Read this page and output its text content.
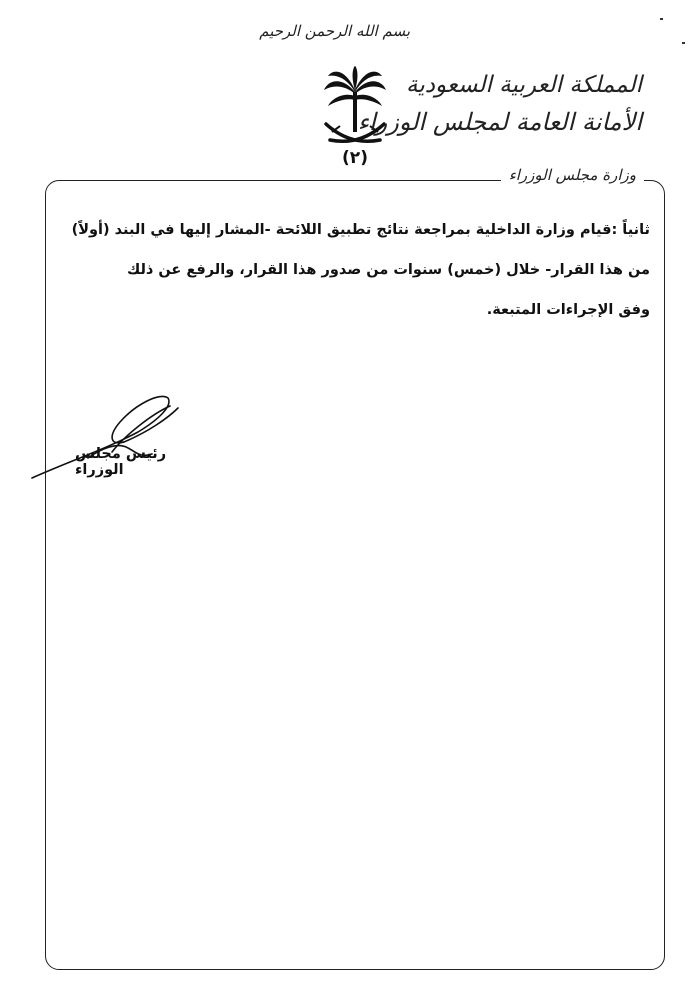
بسم الله الرحمن الرحيم
(٢)
المملكة العربية السعودية
الأمانة العامة لمجلس الوزراء
وزارة مجلس الوزراء

ثانياً :قيام وزارة الداخلية بمراجعة نتائج تطبيق اللائحة -المشار إليها في البند (أولاً)

من هذا القرار- خلال (خمس) سنوات من صدور هذا القرار، والرفع عن ذلك

وفق الإجراءات المتبعة.

رئيس مجلس الوزراء
